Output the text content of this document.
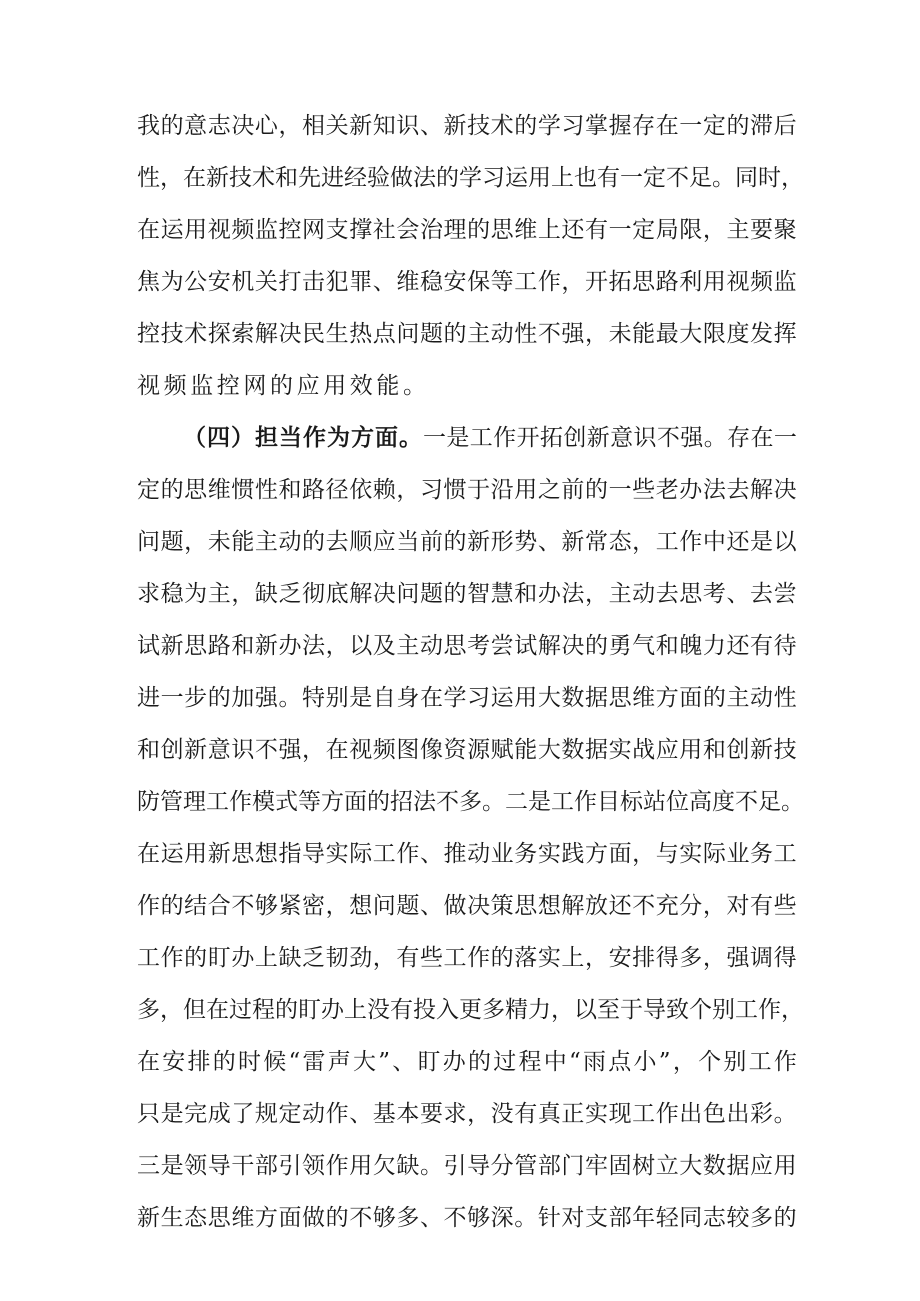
我 的 意 志 决 心 ， 相 关 新 知 识 、 新 技 术 的 学 习 掌 握 存 在 一 定 的 滞 后
性 ， 在 新 技 术 和 先 进 经 验 做 法 的 学 习 运 用 上 也 有 一 定 不 足 。 同 时 ，
在 运 用 视 频 监 控 网 支 撑 社 会 治 理 的 思 维 上 还 有 一 定 局 限 ， 主 要 聚
焦 为 公 安 机 关 打 击 犯 罪 、 维 稳 安 保 等 工 作 ， 开 拓 思 路 利 用 视 频 监
控 技 术 探 索 解 决 民 生 热 点 问 题 的 主 动 性 不 强 ， 未 能 最 大 限 度 发 挥
视频监控网的应用效能。
（四）担当作为方面。 一 是 工 作 开 拓 创 新 意 识 不 强 。 存 在 一
定 的 思 维 惯 性 和 路 径 依 赖 ， 习 惯 于 沿 用 之 前 的 一 些 老 办 法 去 解 决
问 题 ， 未 能 主 动 的 去 顺 应 当 前 的 新 形 势 、 新 常 态 ， 工 作 中 还 是 以
求 稳 为 主 ， 缺 乏 彻 底 解 决 问 题 的 智 慧 和 办 法 ， 主 动 去 思 考 、 去 尝
试 新 思 路 和 新 办 法 ， 以 及 主 动 思 考 尝 试 解 决 的 勇 气 和 魄 力 还 有 待
进 一 步 的 加 强 。 特 别 是 自 身 在 学 习 运 用 大 数 据 思 维 方 面 的 主 动 性
和 创 新 意 识 不 强 ， 在 视 频 图 像 资 源 赋 能 大 数 据 实 战 应 用 和 创 新 技
防 管 理 工 作 模 式 等 方 面 的 招 法 不 多 。 二 是 工 作 目 标 站 位 高 度 不 足 。
在 运 用 新 思 想 指 导 实 际 工 作 、 推 动 业 务 实 践 方 面 ， 与 实 际 业 务 工
作 的 结 合 不 够 紧 密 ， 想 问 题 、 做 决 策 思 想 解 放 还 不 充 分 ， 对 有 些
工 作 的 盯 办 上 缺 乏 韧 劲 ， 有 些 工 作 的 落 实 上 ， 安 排 得 多 ， 强 调 得
多 ， 但 在 过 程 的 盯 办 上 没 有 投 入 更 多 精 力 ， 以 至 于 导 致 个 别 工 作 ，
在 安 排 的 时 候 “ 雷 声 大 ” 、 盯 办 的 过 程 中 “ 雨 点 小 ” ， 个 别 工 作
只 是 完 成 了 规 定 动 作 、 基 本 要 求 ， 没 有 真 正 实 现 工 作 出 色 出 彩 。
三 是 领 导 干 部 引 领 作 用 欠 缺 。 引 导 分 管 部 门 牢 固 树 立 大 数 据 应 用
新 生 态 思 维 方 面 做 的 不 够 多 、 不 够 深 。 针 对 支 部 年 轻 同 志 较 多 的
